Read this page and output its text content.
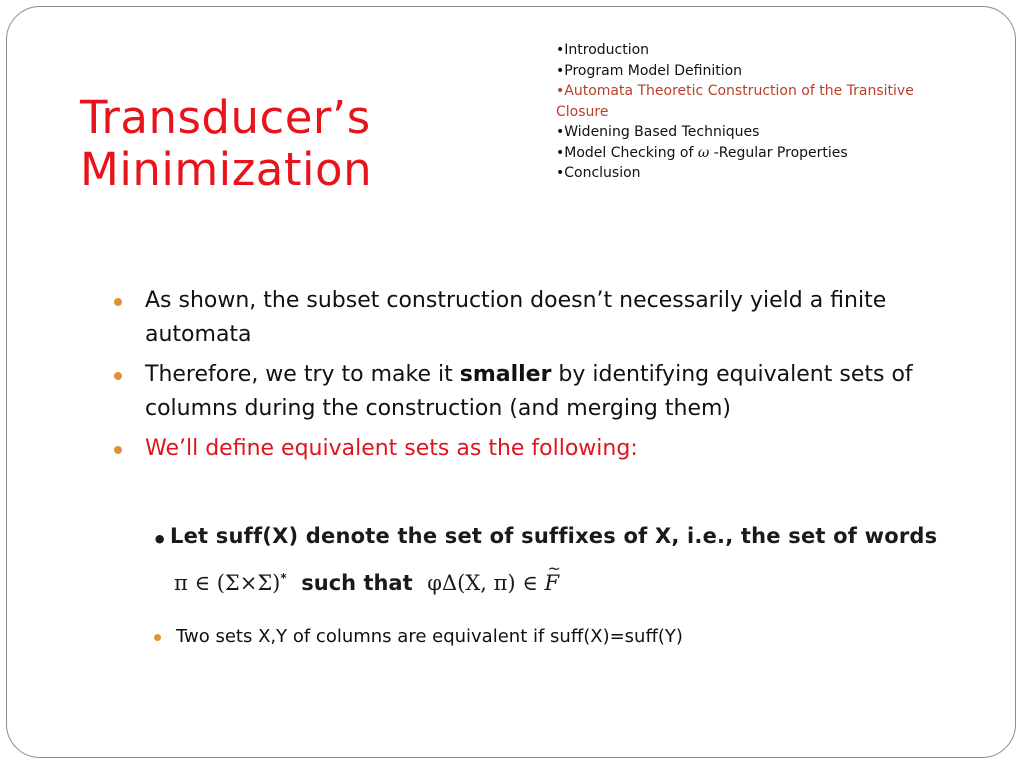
Transducer’s
Minimization
•Introduction
•Program Model Definition
•Automata Theoretic Construction of the Transitive Closure
•Widening Based Techniques
•Model Checking of ω -Regular Properties
•Conclusion
As shown, the subset construction doesn’t necessarily yield a finite automata
Therefore, we try to make it smaller by identifying equivalent sets of columns during the construction (and merging them)
We’ll define equivalent sets as the following:
• Let suff(X) denote the set of suffixes of X, i.e., the set of words
π ∈ (Σ×Σ)* such that φΔ(X, π) ∈ ~ F
Two sets X,Y of columns are equivalent if suff(X)=suff(Y)
